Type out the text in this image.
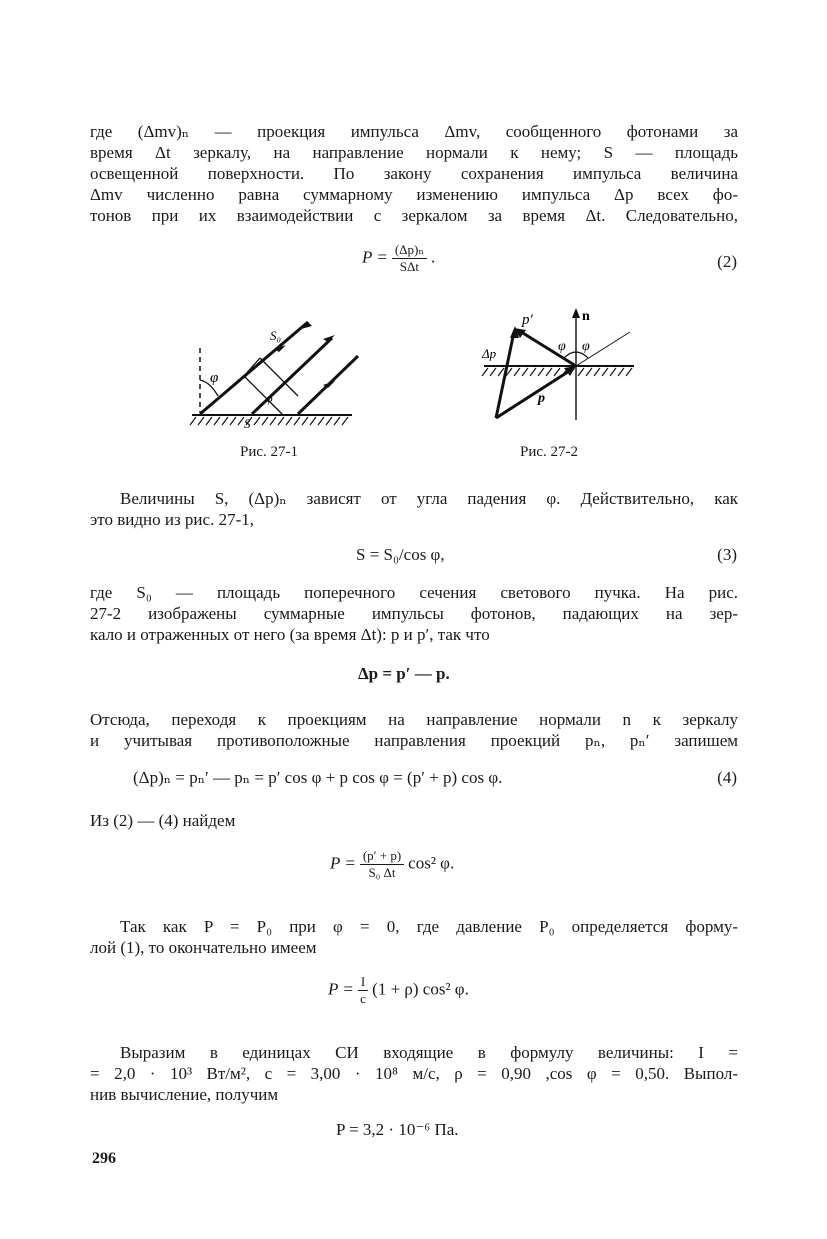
где (Δmv)ₙ — проекция импульса Δmv, сообщенного фотонами за
время Δt зеркалу, на направление нормали к нему; S — площадь
освещенной поверхности. По закону сохранения импульса величина
Δmv численно равна суммарному изменению импульса Δp всех фо-
тонов при их взаимодействии с зеркалом за время Δt. Следовательно,
$P = \frac{\text{(Δp)ₙ}}{\text{SΔt}}$ .	(2)
φ
S₀
φ
S
Рис. 27-1
p′	n
Δp
p
φ φ
Рис. 27-2
Величины S, (Δp)ₙ зависят от угла падения φ. Действительно, как
это видно из рис. 27-1,
S = S₀/cos φ,	(3)
где S₀ — площадь поперечного сечения светового пучка. На рис.
27-2 изображены суммарные импульсы фотонов, падающих на зер-
кало и отраженных от него (за время Δt): p и p′, так что
Δp = p′ — p.
Отсюда, переходя к проекциям на направление нормали n к зеркалу
и учитывая противоположные направления проекций pₙ, pₙ′ запишем
(Δp)ₙ = pₙ′ — pₙ = p′ cos φ + p cos φ = (p′ + p) cos φ.	(4)
Из (2) — (4) найдем
$P = \frac{(p' + p)}{\text{S₀ Δt}} \cos^2$ φ.
Так как P = P₀ при φ = 0, где давление P₀ определяется форму-
лой (1), то окончательно имеем
$P = \frac{I}{c} (1 + \rho)$ cos² φ.
Выразим в единицах СИ входящие в формулу величины: I =
= 2,0 · 10³ Вт/м², c = 3,00 · 10⁸ м/с, ρ = 0,90 ,cos φ = 0,50. Выпол-
нив вычисление, получим
P = 3,2 · 10⁻⁶ Па.
296
